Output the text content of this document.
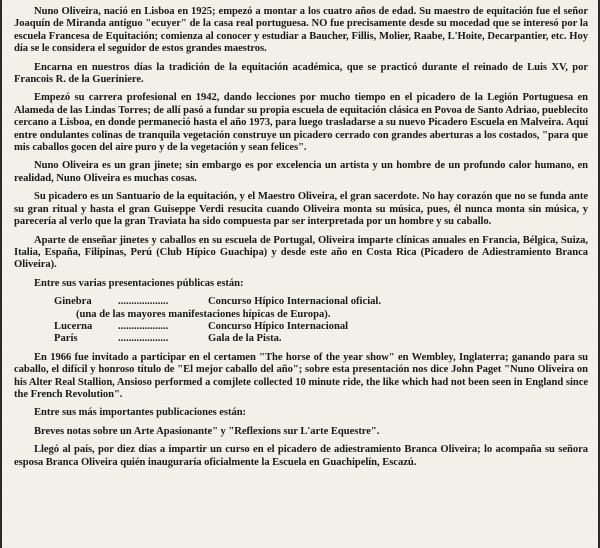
Nuno Oliveira, nació en Lisboa en 1925; empezó a montar a los cuatro años de edad. Su maestro de equitación fue el señor Joaquín de Miranda antiguo "ecuyer" de la casa real portuguesa. NO fue precisamente desde su mocedad que se interesó por la escuela Francesa de Equitación; comienza al conocer y estudiar a Baucher, Fillis, Molier, Raabe, L'Hoite, Decarpantier, etc. Hoy día se le considera el seguidor de estos grandes maestros.

Encarna en nuestros días la tradición de la equitación académica, que se practicó durante el reinado de Luis XV, por Francois R. de la Gueriniere.

Empezó su carrera profesional en 1942, dando lecciones por mucho tiempo en el picadero de la Legión Portuguesa en Alameda de las Lindas Torres; de allí pasó a fundar su propia escuela de equitación clásica en Povoa de Santo Adriao, pueblecito cercano a Lisboa, en donde permaneció hasta el año 1973, para luego trasladarse a su nuevo Picadero Escuela en Malveira. Aquí entre ondulantes colinas de tranquila vegetación construye un picadero cerrado con grandes aberturas a los costados, "para que mis caballos gocen del aire puro y de la vegetación y sean felices".

Nuno Oliveira es un gran jinete; sin embargo es por excelencia un artista y un hombre de un profundo calor humano, en realidad, Nuno Oliveira es muchas cosas.

Su picadero es un Santuario de la equitación, y el Maestro Oliveira, el gran sacerdote. No hay corazón que no se funda ante su gran ritual y hasta el gran Guiseppe Verdi resucita cuando Oliveira monta su música, pues, él nunca monta sin música, y parecería al verlo que la gran Traviata ha sido compuesta par ser interpretada por un hombre y su caballo.

Aparte de enseñar jinetes y caballos en su escuela de Portugal, Oliveira imparte clínicas anuales en Francia, Bélgica, Suiza, Italia, España, Filipinas, Perú (Club Hípico Guachipa) y desde este año en Costa Rica (Picadero de Adiestramiento Branca Oliveira).

Entre sus varias presentaciones públicas están:

Ginebra	...................	Concurso Hípico Internacional oficial.
(una de las mayores manifestaciones hípicas de Europa).
Lucerna	...................	Concurso Hípico Internacional
París	...................	Gala de la Pista.

En 1966 fue invitado a participar en el certamen "The horse of the year show" en Wembley, Inglaterra; ganando para su caballo, el difícil y honroso título de "El mejor caballo del año"; sobre esta presentación nos dice John Paget "Nuno Oliveira on his Alter Real Stallion, Ansioso performed a comjlete collected 10 minute ride, the like which had not been seen in England since the French Revolution".

Entre sus más importantes publicaciones están:

Breves notas sobre un Arte Apasionante" y "Reflexions sur L'arte Equestre".

Llegó al país, por diez días a impartir un curso en el picadero de adiestramiento Branca Oliveira; lo acompaña su señora esposa Branca Oliveira quién inauguraría oficialmente la Escuela en Guachipelín, Escazú.
